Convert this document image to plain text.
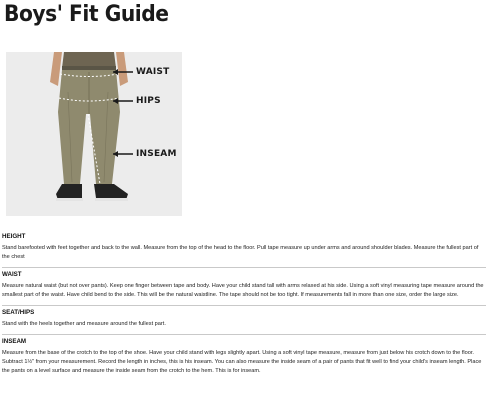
Boys' Fit Guide
WAIST
HIPS
INSEAM
HEIGHT
Stand barefooted with feet together and back to the wall. Measure from the top of the head to the floor. Pull tape measure up under arms and around shoulder blades. Measure the fullest part of the chest
WAIST
Measure natural waist (but not over pants). Keep one finger between tape and body. Have your child stand tall with arms relaxed at his side. Using a soft vinyl measuring tape measure around the smallest part of the waist. Have child bend to the side. This will be the natural waistline. The tape should not be too tight. If measurements fall in more than one size, order the large size.
SEAT/HIPS
Stand with the heels together and measure around the fullest part.
INSEAM
Measure from the base of the crotch to the top of the shoe. Have your child stand with legs slightly apart. Using a soft vinyl tape measure, measure from just below his crotch down to the floor. Subtract 1½" from your measurement. Record the length in inches, this is his inseam. You can also measure the inside seam of a pair of pants that fit well to find your child's inseam length. Place the pants on a level surface and measure the inside seam from the crotch to the hem. This is for inseam.
